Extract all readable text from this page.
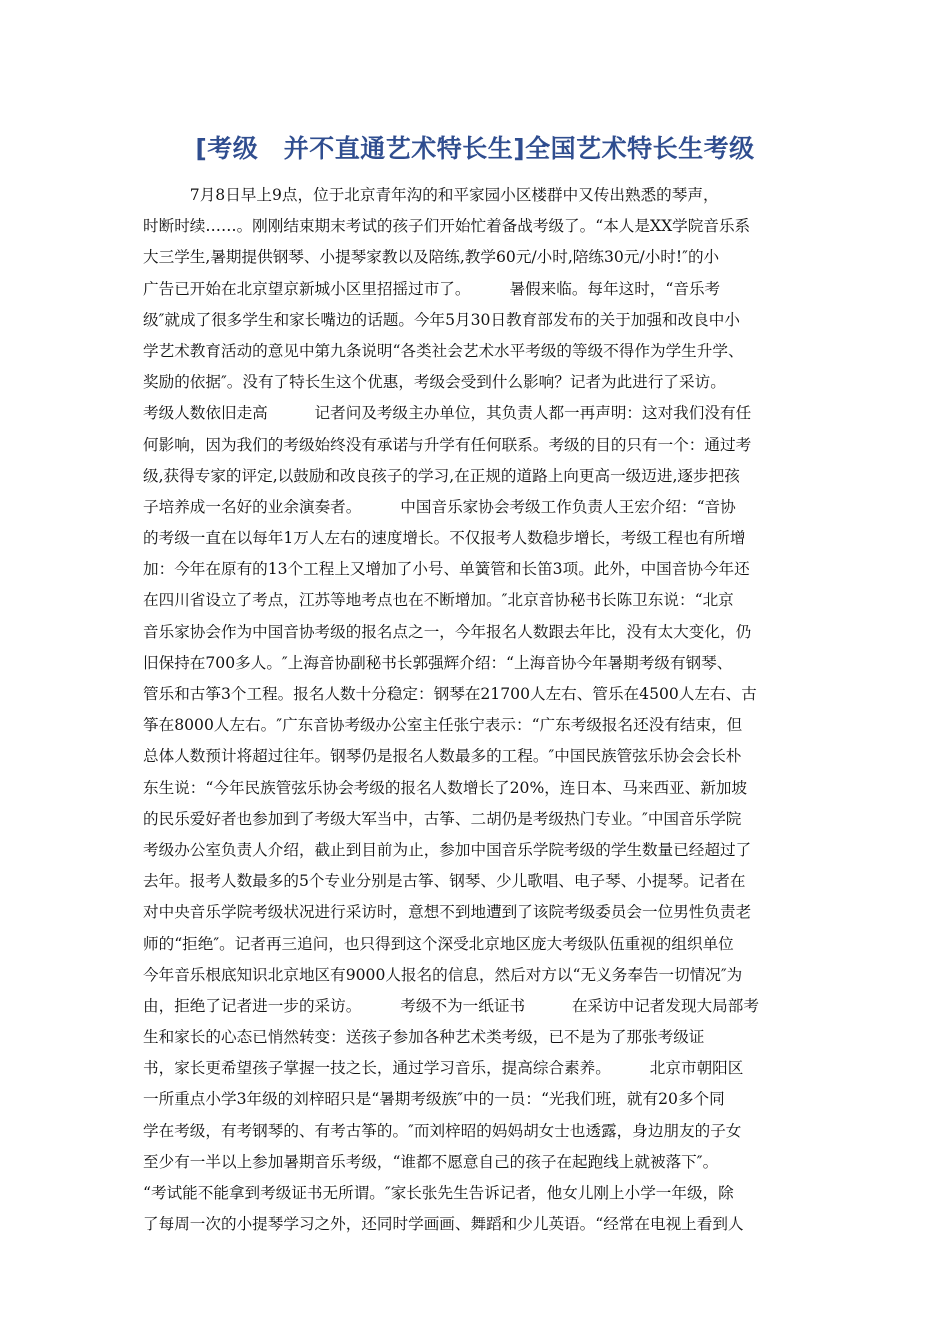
[考级　并不直通艺术特长生]全国艺术特长生考级
　　　7月8日早上9点，位于北京青年沟的和平家园小区楼群中又传出熟悉的琴声，
时断时续……。刚刚结束期末考试的孩子们开始忙着备战考级了。“本人是XX学院音乐系
大三学生,暑期提供钢琴、小提琴家教以及陪练,教学60元/小时,陪练30元/小时!″的小
广告已开始在北京望京新城小区里招摇过市了。　　　暑假来临。每年这时，“音乐考
级″就成了很多学生和家长嘴边的话题。今年5月30日教育部发布的关于加强和改良中小
学艺术教育活动的意见中第九条说明“各类社会艺术水平考级的等级不得作为学生升学、
奖励的依据″。没有了特长生这个优惠，考级会受到什么影响？记者为此进行了采访。
考级人数依旧走高　　　记者问及考级主办单位，其负责人都一再声明：这对我们没有任
何影响，因为我们的考级始终没有承诺与升学有任何联系。考级的目的只有一个：通过考
级,获得专家的评定,以鼓励和改良孩子的学习,在正规的道路上向更高一级迈进,逐步把孩
子培养成一名好的业余演奏者。　　　中国音乐家协会考级工作负责人王宏介绍：“音协
的考级一直在以每年1万人左右的速度增长。不仅报考人数稳步增长，考级工程也有所增
加：今年在原有的13个工程上又增加了小号、单簧管和长笛3项。此外，中国音协今年还
在四川省设立了考点，江苏等地考点也在不断增加。″北京音协秘书长陈卫东说：“北京
音乐家协会作为中国音协考级的报名点之一，今年报名人数跟去年比，没有太大变化，仍
旧保持在700多人。″上海音协副秘书长郭强辉介绍：“上海音协今年暑期考级有钢琴、
管乐和古筝3个工程。报名人数十分稳定：钢琴在21700人左右、管乐在4500人左右、古
筝在8000人左右。″广东音协考级办公室主任张宁表示：“广东考级报名还没有结束，但
总体人数预计将超过往年。钢琴仍是报名人数最多的工程。″中国民族管弦乐协会会长朴
东生说：“今年民族管弦乐协会考级的报名人数增长了20%，连日本、马来西亚、新加坡
的民乐爱好者也参加到了考级大军当中，古筝、二胡仍是考级热门专业。″中国音乐学院
考级办公室负责人介绍，截止到目前为止，参加中国音乐学院考级的学生数量已经超过了
去年。报考人数最多的5个专业分别是古筝、钢琴、少儿歌唱、电子琴、小提琴。记者在
对中央音乐学院考级状况进行采访时，意想不到地遭到了该院考级委员会一位男性负责老
师的“拒绝″。记者再三追问，也只得到这个深受北京地区庞大考级队伍重视的组织单位
今年音乐根底知识北京地区有9000人报名的信息，然后对方以“无义务奉告一切情况″为
由，拒绝了记者进一步的采访。　　　考级不为一纸证书　　　在采访中记者发现大局部考
生和家长的心态已悄然转变：送孩子参加各种艺术类考级，已不是为了那张考级证
书，家长更希望孩子掌握一技之长，通过学习音乐，提高综合素养。　　　北京市朝阳区
一所重点小学3年级的刘梓昭只是“暑期考级族″中的一员：“光我们班，就有20多个同
学在考级，有考钢琴的、有考古筝的。″而刘梓昭的妈妈胡女士也透露，身边朋友的子女
至少有一半以上参加暑期音乐考级，“谁都不愿意自己的孩子在起跑线上就被落下″。
“考试能不能拿到考级证书无所谓。″家长张先生告诉记者，他女儿刚上小学一年级，除
了每周一次的小提琴学习之外，还同时学画画、舞蹈和少儿英语。“经常在电视上看到人
